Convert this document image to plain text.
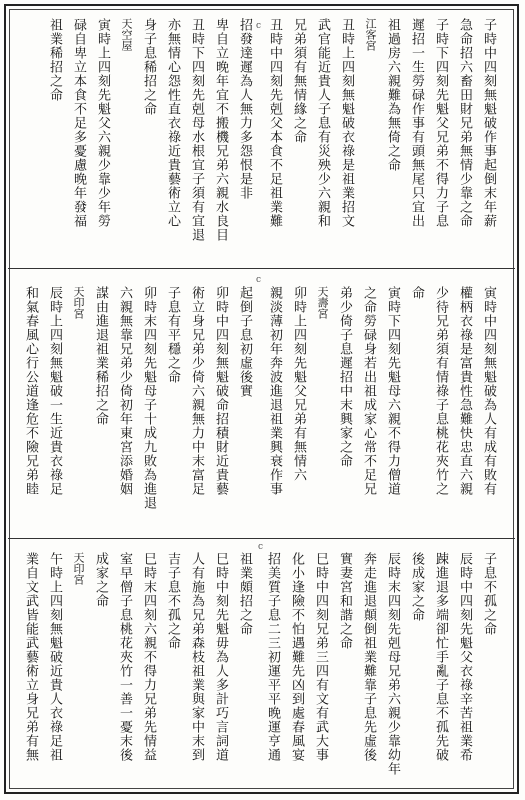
c
c
c
子時中四刻無魁破作事起倒末年薪
急命招六畜田財兄弟無情少靠之命
子時下四刻先魁父兄弟不得力子息
遲招一生勞碌作事有頭無尾只宜出
祖過房六親難為無倚之命
江客宮
丑時上四刻無魁破衣祿是祖業招文
武官能近貴人子息有災殃少六親和
兄弟須有無情緣之命
丑時中四刻先剋父本食不足祖業難
招發達遲為人無力多怨恨是非
卑自立晚年宜不搬機兄弟六親水良目
丑時下四刻先剋母水根宜子須有宜退
亦無情心怨性直衣祿近貴藝術立心
身子息稀招之命
天空屋
寅時上四刻先魁父六親少靠少年勞
碌自卑立本食不足多憂慮晚年發福
祖業稀招之命
寅時中四刻無魁破為人有成有敗有
權柄衣祿是富貴性急難快忠直六親
少待兄弟須有情祿子息桃花夾竹之
命
寅時下四刻先魁母六親不得力僧道
之命勞碌身若出祖成家心常不足兄
弟少倚子息遲招中末興家之命
天壽宮
卯時上四刻先魁父兄弟有無情六
親淡薄初年奔波進退祖業興衰作事
起倒子息初虛後實
卯時中四刻無魁破命招積財近貴藝
術立身兄弟少倚六親無力中末富足
子息有平穩之命
卯時末四刻先魁母子十成九敗為進退
六親無靠兄弟少倚初年東宮添婚姻
謀由進退祖業稀招之命
天印宮
辰時上四刻無魁破一生近貴衣祿足
和氣春風心行公道逢危不險兄弟睦
子息不孤之命
辰時中四刻先魁父衣祿辛苦祖業希
踈進退多端卻忙手亂子息不孤先破
後成家之命
辰時末四刻先剋母兄弟六親少靠幼年
奔走進退顛倒祖業難靠子息先虛後
實妻宮和諧之命
巳時中四刻兄弟三四有文有武大事
化小逢險不怕遇難先凶到處春風宴
招美質子息二三初運平平晚運亨通
祖業頗招之命
巳時中刻先魁毋為人多計巧言詞道
人有施為兄弟森枝祖業與家中末到
吉子息不孤之命
巳時末四刻六親不得力兄弟先情益
室早僧子息桃花夾竹一善一憂末後
成家之命
天印宮
午時上四刻無魁破近貴人衣祿足祖
業自文武皆能武藝術立身兄弟有無
